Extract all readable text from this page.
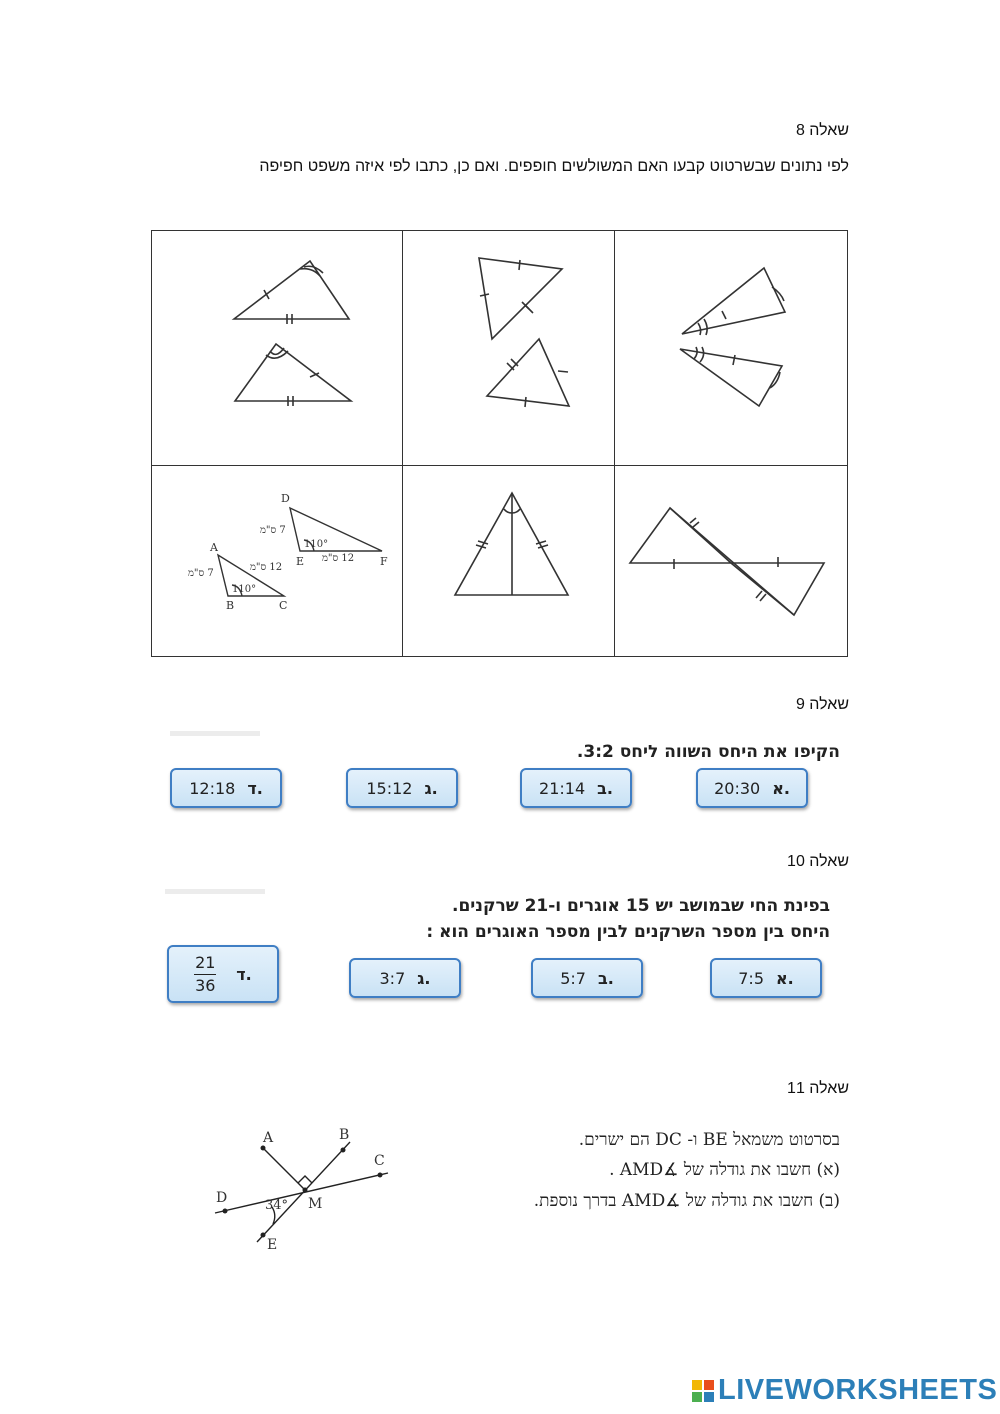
שאלה 8
לפי נתונים שבשרטוט קבעו האם המשולשים חופפים. ואם כן, כתבו לפי איזה משפט חפיפה
D
E	F
A
B	C
7 ס"מ
110°
12 ס"מ
7 ס"מ
12 ס"מ
110°
שאלה 9
הקיפו את היחס השווה ליחס 3:2.
20:30 א.
21:14 ב.
15:12 ג.
12:18 ד.
שאלה 10
בפינת החי שבמושב יש 15 אוגרים ו-21 שרקנים.
היחס בין מספר השרקנים לבין מספר האוגרים הוא :
7:5 א.
5:7 ב.
3:7 ג.
$\frac{21}{36}$ ד.
שאלה 11
בסרטוט משמאל BE ו- DC הם ישרים.
(א) חשבו את גודלה של ∡AMD .
(ב) חשבו את גודלה של ∡AMD בדרך נוספת.
A	B
C
D
E
M
34°
LIVEWORKSHEETS
